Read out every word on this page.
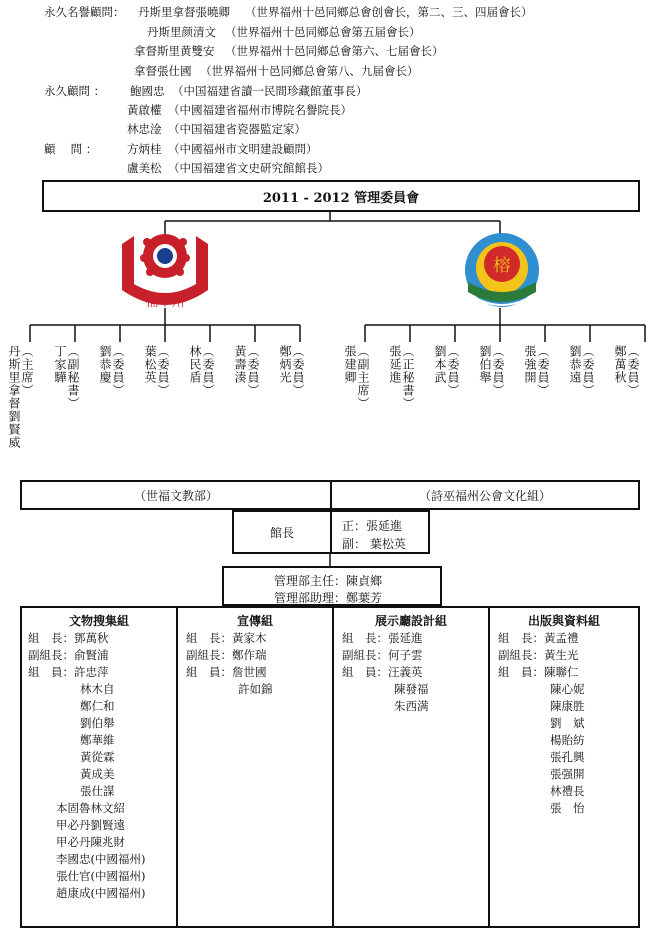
永久名譽顧問： 丹斯里拿督張曉卿 （世界福州十邑同鄉总會创會长，第二、三、四届會长）
丹斯里颜清文 （世界福州十邑同鄉总會第五届會长）
拿督斯里黄雙安 （世界福州十邑同鄉总會第六、七届會长）
拿督張仕國 （世界福州十邑同鄉总會第八、九届會长）
永久顧問 ： 鮑國忠 （中国福建省讀一民間珍藏館董事長）
黃啟權 （中國福建省福州市博院名譽院長）
林忠淦 （中国福建省瓷器監定家）
顧　 問 ：	方炳桂 （中國福州市文明建設顧問）
盧美松 （中国福建省文史研究館館長）
2011 - 2012 管理委員會
福十州
榕
丹斯里拿督劉賢威 （主席） 丁家驊 （副秘書） 劉恭慶 （委員） 葉松英 （委員） 林民盾 （委員） 黃壽湊 （委員） 鄭炳光 （委員）	張建卿 （副主席） 張延進 （正秘書） 劉本武 （委員） 劉伯舉 （委員） 張強開 （委員） 劉恭遠 （委員） 鄭萬秋 （委員）
（世福文教部）	（詩巫福州公會文化組）
館長	正：張延進
副： 葉松英
管理部主任：陳貞鄉
管理部助理：鄭葉芳
文物搜集組
組　長：鄧萬秋
副組長：俞賢浦
組　員：許忠萍
林木自
鄭仁和
劉伯舉
鄭華維
黃從霖
黃成美
張仕謀
本固魯林文紹
甲必丹劉賢遠
甲必丹陳兆財
李國忠(中國福州)
張仕官(中國福州)
趙康成(中國福州)
宣傳組
組　長：黃家木
副組長：鄭作瑞
組　員：詹世國
許如錦
展示廳設計組
組　長：張延進
副組長：何子雲
組　員：汪義英
陳發福
朱西满
出版與資料組
組　長：黃孟禮
副組長：黃生光
組　員：陳聯仁
陳心妮
陳康胜
劉　斌
楊貽紡
張孔興
張强開
林禮長
張　怡
